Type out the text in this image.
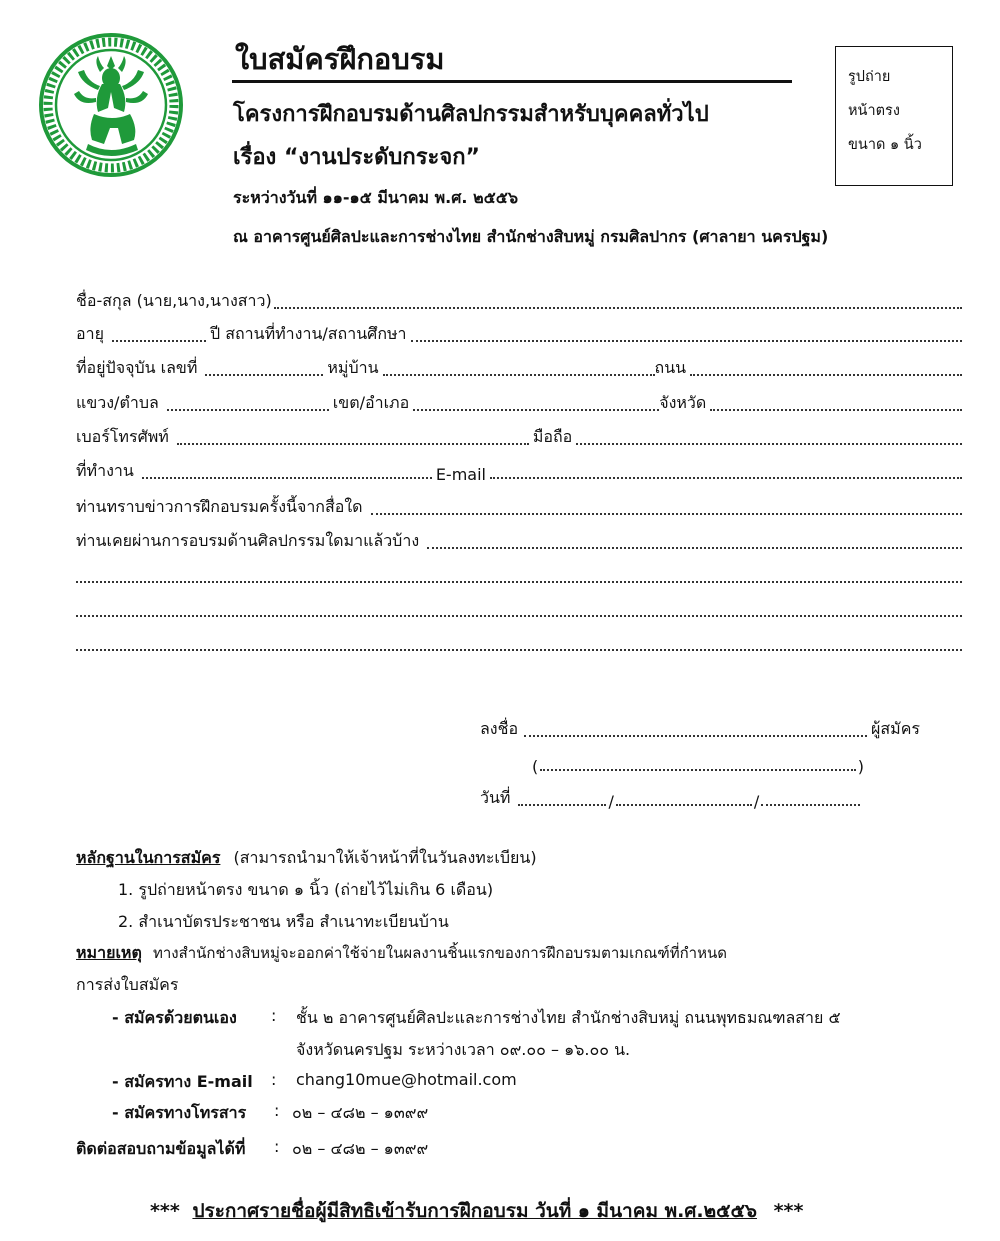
ใบสมัครฝึกอบรม
โครงการฝึกอบรมด้านศิลปกรรมสำหรับบุคคลทั่วไป
เรื่อง “งานประดับกระจก”
ระหว่างวันที่ ๑๑-๑๕ มีนาคม พ.ศ. ๒๕๕๖
ณ อาคารศูนย์ศิลปะและการช่างไทย สำนักช่างสิบหมู่ กรมศิลปากร (ศาลายา นครปฐม)
รูปถ่าย
หน้าตรง
ขนาด ๑ นิ้ว
ชื่อ-สกุล (นาย,นาง,นางสาว)
อายุ	ปี สถานที่ทำงาน/สถานศึกษา
ที่อยู่ปัจจุบัน เลขที่	หมู่บ้าน	ถนน
แขวง/ตำบล	เขต/อำเภอ	จังหวัด
เบอร์โทรศัพท์	มือถือ
ที่ทำงาน	E-mail
ท่านทราบข่าวการฝึกอบรมครั้งนี้จากสื่อใด
ท่านเคยผ่านการอบรมด้านศิลปกรรมใดมาแล้วบ้าง
ลงชื่อ	ผู้สมัคร
(	)
วันที่	/	/
หลักฐานในการสมัคร (สามารถนำมาให้เจ้าหน้าที่ในวันลงทะเบียน)
1. รูปถ่ายหน้าตรง ขนาด ๑ นิ้ว (ถ่ายไว้ไม่เกิน 6 เดือน)
2. สำเนาบัตรประชาชน หรือ สำเนาทะเบียนบ้าน
หมายเหตุ ทางสำนักช่างสิบหมู่จะออกค่าใช้จ่ายในผลงานชิ้นแรกของการฝึกอบรมตามเกณฑ์ที่กำหนด
การส่งใบสมัคร
- สมัครด้วยตนเอง : ชั้น ๒ อาคารศูนย์ศิลปะและการช่างไทย สำนักช่างสิบหมู่ ถนนพุทธมณฑลสาย ๕
จังหวัดนครปฐม ระหว่างเวลา ๐๙.๐๐ – ๑๖.๐๐ น.
- สมัครทาง E-mail : chang10mue@hotmail.com
- สมัครทางโทรสาร : ๐๒ – ๔๘๒ – ๑๓๙๙
ติดต่อสอบถามข้อมูลได้ที่ : ๐๒ – ๔๘๒ – ๑๓๙๙
*** ประกาศรายชื่อผู้มีสิทธิเข้ารับการฝึกอบรม วันที่ ๑ มีนาคม พ.ศ.๒๕๕๖ ***
